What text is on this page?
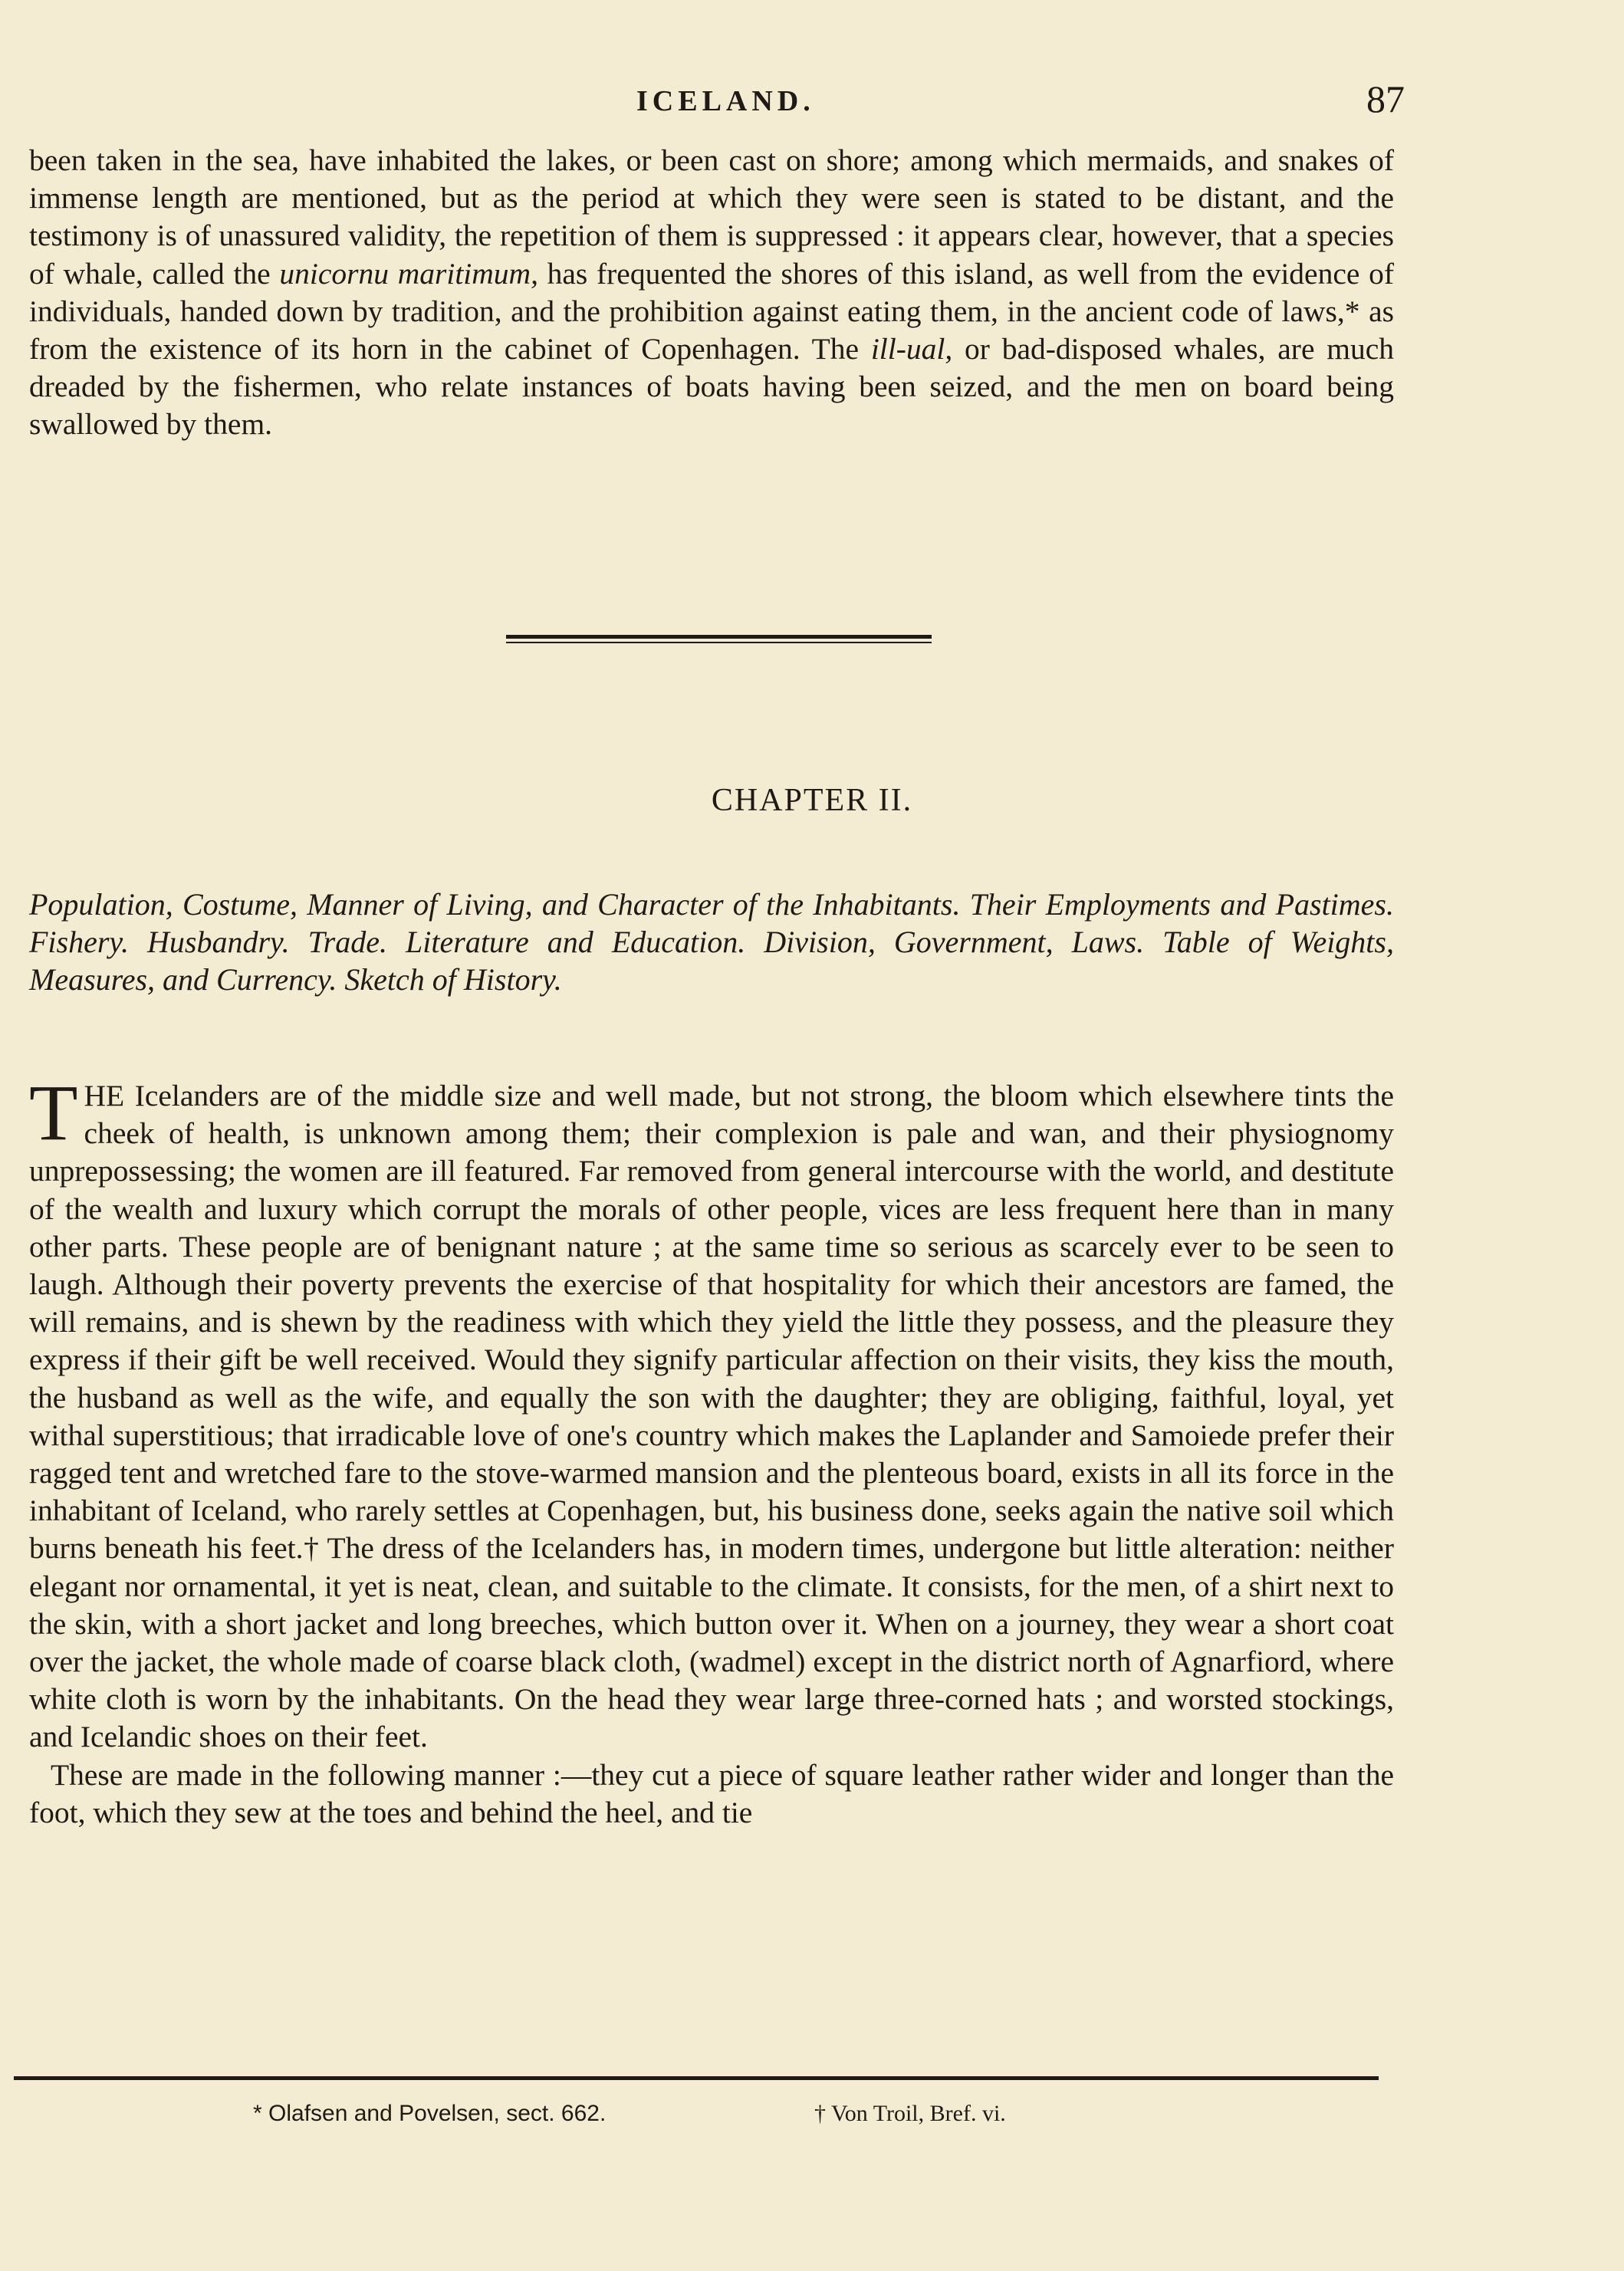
ICELAND.	87

been taken in the sea, have inhabited the lakes, or been cast on shore; among which mermaids, and snakes of immense length are mentioned, but as the period at which they were seen is stated to be distant, and the testimony is of unassured validity, the repetition of them is suppressed : it appears clear, however, that a species of whale, called the unicornu maritimum, has frequented the shores of this island, as well from the evidence of individuals, handed down by tradition, and the prohibition against eating them, in the ancient code of laws,* as from the existence of its horn in the cabinet of Copenhagen. The ill-ual, or bad-disposed whales, are much dreaded by the fishermen, who relate instances of boats having been seized, and the men on board being swallowed by them.

CHAPTER II.
Population, Costume, Manner of Living, and Character of the Inhabitants. Their Employments and Pastimes. Fishery. Husbandry. Trade. Literature and Education. Division, Government, Laws. Table of Weights, Measures, and Currency. Sketch of History.

THE Icelanders are of the middle size and well made, but not strong, the bloom which elsewhere tints the cheek of health, is unknown among them; their complexion is pale and wan, and their physiognomy unprepossessing; the women are ill featured. Far removed from general intercourse with the world, and destitute of the wealth and luxury which corrupt the morals of other people, vices are less frequent here than in many other parts. These people are of benignant nature ; at the same time so serious as scarcely ever to be seen to laugh. Although their poverty prevents the exercise of that hospitality for which their ancestors are famed, the will remains, and is shewn by the readiness with which they yield the little they possess, and the pleasure they express if their gift be well received. Would they signify particular affection on their visits, they kiss the mouth, the husband as well as the wife, and equally the son with the daughter; they are obliging, faithful, loyal, yet withal superstitious; that irradicable love of one's country which makes the Laplander and Samoiede prefer their ragged tent and wretched fare to the stove-warmed mansion and the plenteous board, exists in all its force in the inhabitant of Iceland, who rarely settles at Copenhagen, but, his business done, seeks again the native soil which burns beneath his feet.† The dress of the Icelanders has, in modern times, undergone but little alteration: neither elegant nor ornamental, it yet is neat, clean, and suitable to the climate. It consists, for the men, of a shirt next to the skin, with a short jacket and long breeches, which button over it. When on a journey, they wear a short coat over the jacket, the whole made of coarse black cloth, (wadmel) except in the district north of Agnarfiord, where white cloth is worn by the inhabitants. On the head they wear large three-corned hats ; and worsted stockings, and Icelandic shoes on their feet.

These are made in the following manner :—they cut a piece of square leather rather wider and longer than the foot, which they sew at the toes and behind the heel, and tie

* Olafsen and Povelsen, sect. 662.	† Von Troil, Bref. vi.
